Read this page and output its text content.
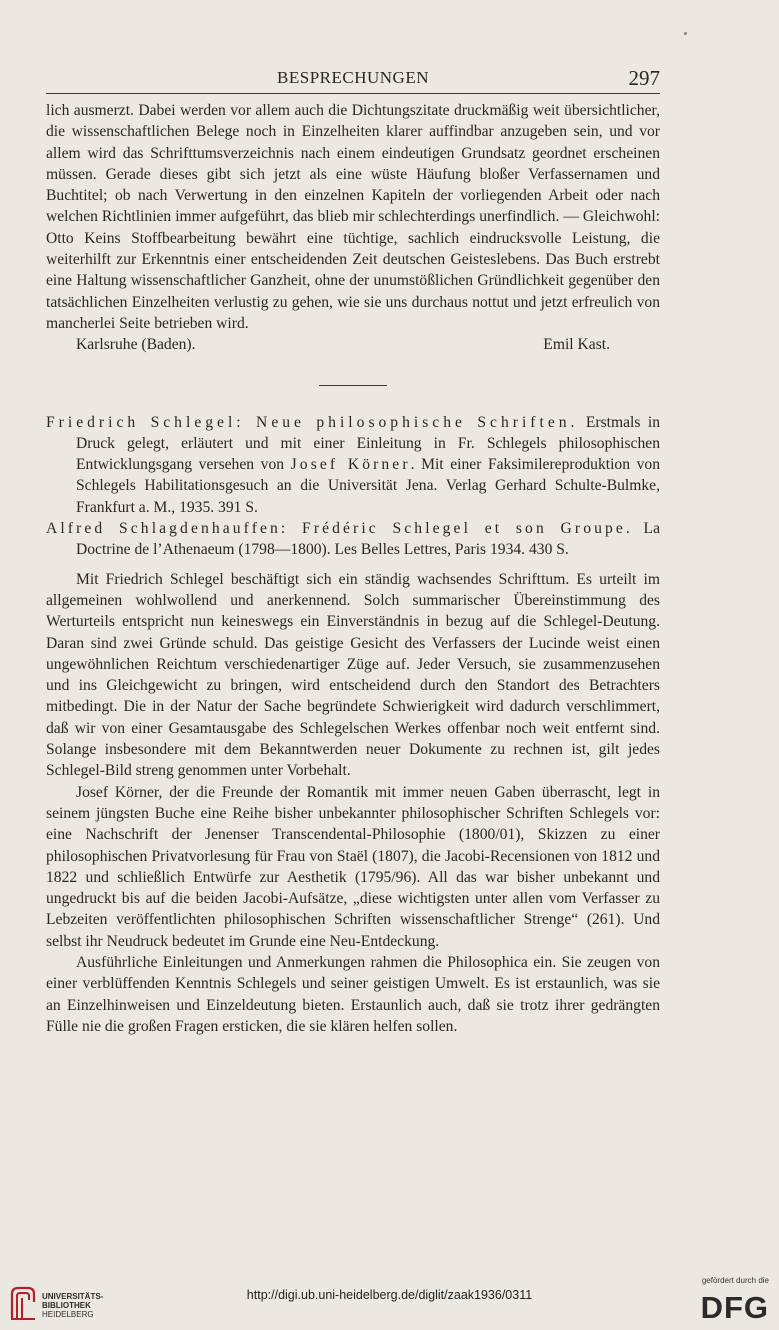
BESPRECHUNGEN	297

lich ausmerzt. Dabei werden vor allem auch die Dichtungszitate druckmäßig weit übersichtlicher, die wissenschaftlichen Belege noch in Einzelheiten klarer auffindbar anzugeben sein, und vor allem wird das Schrifttumsverzeichnis nach einem eindeutigen Grundsatz geordnet erscheinen müssen. Gerade dieses gibt sich jetzt als eine wüste Häufung bloßer Verfassernamen und Buchtitel; ob nach Verwertung in den einzelnen Kapiteln der vorliegenden Arbeit oder nach welchen Richtlinien immer aufgeführt, das blieb mir schlechterdings unerfindlich. — Gleichwohl: Otto Keins Stoffbearbeitung bewährt eine tüchtige, sachlich eindrucksvolle Leistung, die weiterhilft zur Erkenntnis einer entscheidenden Zeit deutschen Geisteslebens. Das Buch erstrebt eine Haltung wissenschaftlicher Ganzheit, ohne der unumstößlichen Gründlichkeit gegenüber den tatsächlichen Einzelheiten verlustig zu gehen, wie sie uns durchaus nottut und jetzt erfreulich von mancherlei Seite betrieben wird.

Karlsruhe (Baden).	Emil Kast.

Friedrich Schlegel: Neue philosophische Schriften. Erstmals in Druck gelegt, erläutert und mit einer Einleitung in Fr. Schlegels philosophischen Entwicklungsgang versehen von Josef Körner. Mit einer Faksimilereproduktion von Schlegels Habilitationsgesuch an die Universität Jena. Verlag Gerhard Schulte-Bulmke, Frankfurt a. M., 1935. 391 S.

Alfred Schlagdenhauffen: Frédéric Schlegel et son Groupe. La Doctrine de l’Athenaeum (1798—1800). Les Belles Lettres, Paris 1934. 430 S.

Mit Friedrich Schlegel beschäftigt sich ein ständig wachsendes Schrifttum. Es urteilt im allgemeinen wohlwollend und anerkennend. Solch summarischer Übereinstimmung des Werturteils entspricht nun keineswegs ein Einverständnis in bezug auf die Schlegel-Deutung. Daran sind zwei Gründe schuld. Das geistige Gesicht des Verfassers der Lucinde weist einen ungewöhnlichen Reichtum verschiedenartiger Züge auf. Jeder Versuch, sie zusammenzusehen und ins Gleichgewicht zu bringen, wird entscheidend durch den Standort des Betrachters mitbedingt. Die in der Natur der Sache begründete Schwierigkeit wird dadurch verschlimmert, daß wir von einer Gesamtausgabe des Schlegelschen Werkes offenbar noch weit entfernt sind. Solange insbesondere mit dem Bekanntwerden neuer Dokumente zu rechnen ist, gilt jedes Schlegel-Bild streng genommen unter Vorbehalt.

Josef Körner, der die Freunde der Romantik mit immer neuen Gaben überrascht, legt in seinem jüngsten Buche eine Reihe bisher unbekannter philosophischer Schriften Schlegels vor: eine Nachschrift der Jenenser Transcendental-Philosophie (1800/01), Skizzen zu einer philosophischen Privatvorlesung für Frau von Staël (1807), die Jacobi-Recensionen von 1812 und 1822 und schließlich Entwürfe zur Aesthetik (1795/96). All das war bisher unbekannt und ungedruckt bis auf die beiden Jacobi-Aufsätze, „diese wichtigsten unter allen vom Verfasser zu Lebzeiten veröffentlichten philosophischen Schriften wissenschaftlicher Strenge“ (261). Und selbst ihr Neudruck bedeutet im Grunde eine Neu-Entdeckung.

Ausführliche Einleitungen und Anmerkungen rahmen die Philosophica ein. Sie zeugen von einer verblüffenden Kenntnis Schlegels und seiner geistigen Umwelt. Es ist erstaunlich, was sie an Einzelhinweisen und Einzeldeutung bieten. Erstaunlich auch, daß sie trotz ihrer gedrängten Fülle nie die großen Fragen ersticken, die sie klären helfen sollen.

UNIVERSITÄTS-
BIBLIOTHEK
HEIDELBERG
http://digi.ub.uni-heidelberg.de/diglit/zaak1936/0311
gefördert durch die
DFG
